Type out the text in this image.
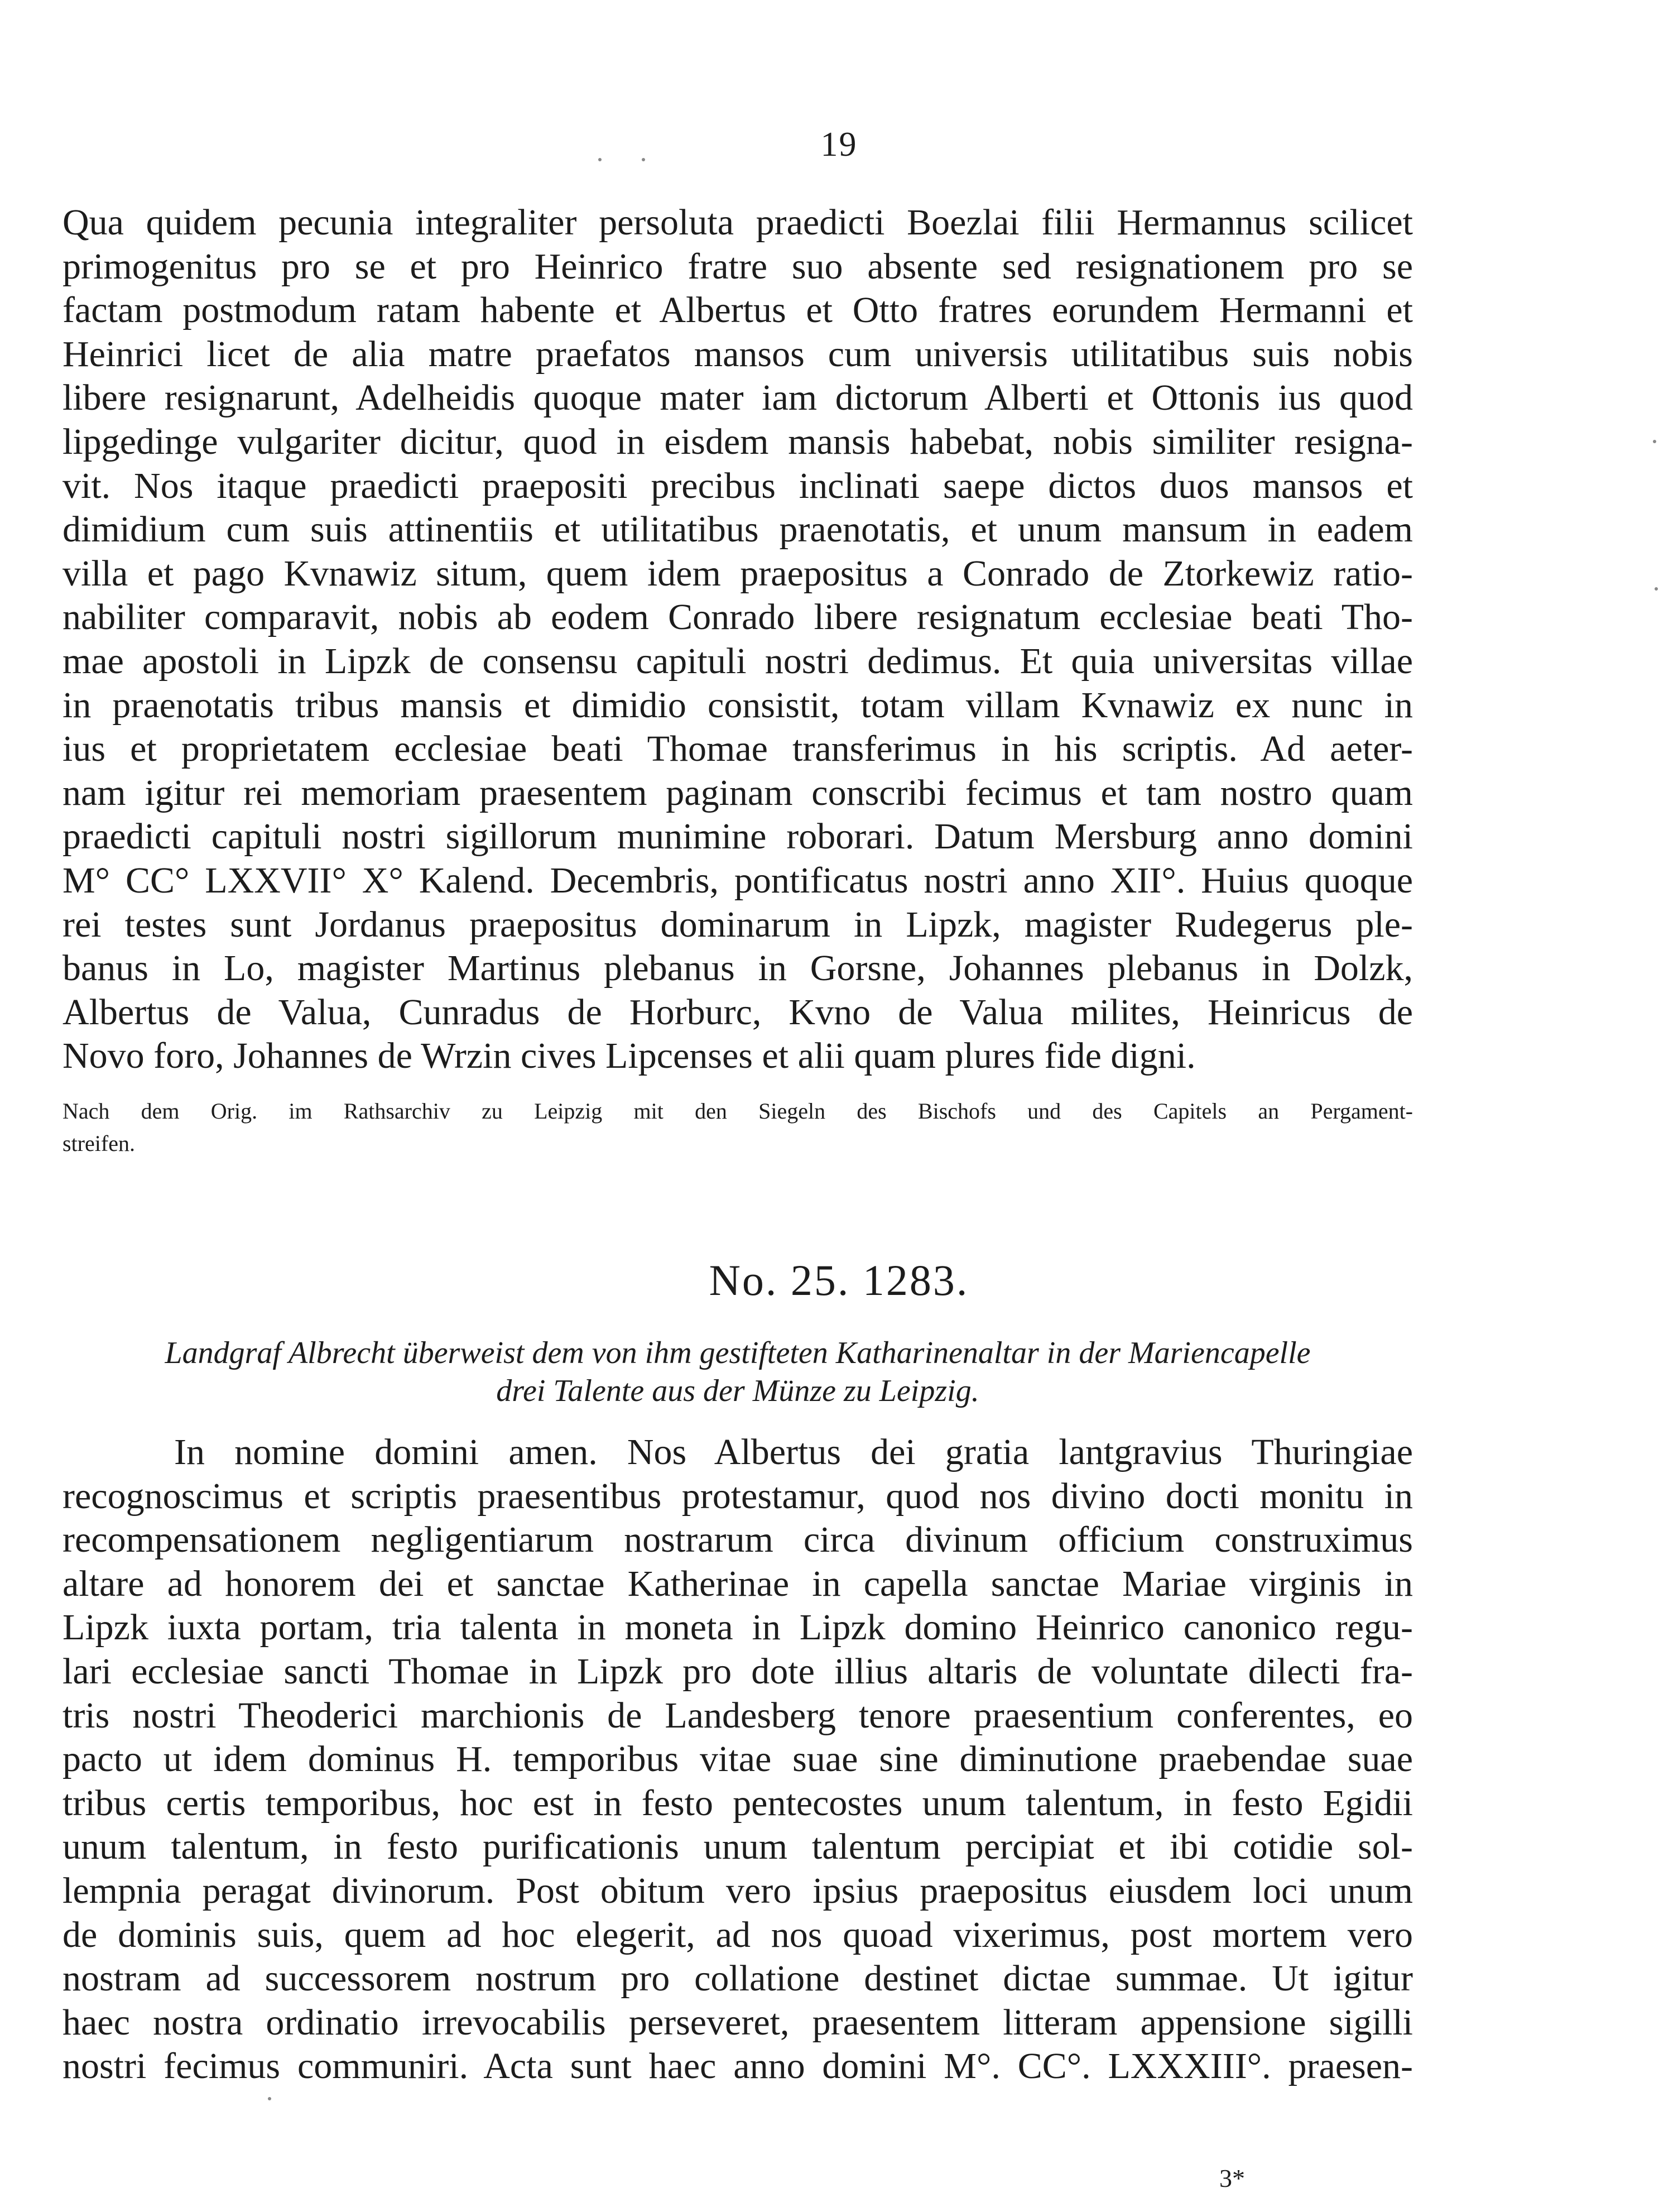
19
Qua quidem pecunia integraliter persoluta praedicti Boezlai filii Hermannus scilicet
primogenitus pro se et pro Heinrico fratre suo absente sed resignationem pro se
factam postmodum ratam habente et Albertus et Otto fratres eorundem Hermanni et
Heinrici licet de alia matre praefatos mansos cum universis utilitatibus suis nobis
libere resignarunt, Adelheidis quoque mater iam dictorum Alberti et Ottonis ius quod
lipgedinge vulgariter dicitur, quod in eisdem mansis habebat, nobis similiter resigna-
vit. Nos itaque praedicti praepositi precibus inclinati saepe dictos duos mansos et
dimidium cum suis attinentiis et utilitatibus praenotatis, et unum mansum in eadem
villa et pago Kvnawiz situm, quem idem praepositus a Conrado de Ztorkewiz ratio-
nabiliter comparavit, nobis ab eodem Conrado libere resignatum ecclesiae beati Tho-
mae apostoli in Lipzk de consensu capituli nostri dedimus. Et quia universitas villae
in praenotatis tribus mansis et dimidio consistit, totam villam Kvnawiz ex nunc in
ius et proprietatem ecclesiae beati Thomae transferimus in his scriptis. Ad aeter-
nam igitur rei memoriam praesentem paginam conscribi fecimus et tam nostro quam
praedicti capituli nostri sigillorum munimine roborari. Datum Mersburg anno domini
M° CC° LXXVII° X° Kalend. Decembris, pontificatus nostri anno XII°. Huius quoque
rei testes sunt Jordanus praepositus dominarum in Lipzk, magister Rudegerus ple-
banus in Lo, magister Martinus plebanus in Gorsne, Johannes plebanus in Dolzk,
Albertus de Valua, Cunradus de Horburc, Kvno de Valua milites, Heinricus de
Novo foro, Johannes de Wrzin cives Lipcenses et alii quam plures fide digni.
Nach dem Orig. im Rathsarchiv zu Leipzig mit den Siegeln des Bischofs und des Capitels an Pergament-
streifen.
No. 25. 1283.
Landgraf Albrecht überweist dem von ihm gestifteten Katharinenaltar in der Mariencapelle
drei Talente aus der Münze zu Leipzig.
In nomine domini amen. Nos Albertus dei gratia lantgravius Thuringiae
recognoscimus et scriptis praesentibus protestamur, quod nos divino docti monitu in
recompensationem negligentiarum nostrarum circa divinum officium construximus
altare ad honorem dei et sanctae Katherinae in capella sanctae Mariae virginis in
Lipzk iuxta portam, tria talenta in moneta in Lipzk domino Heinrico canonico regu-
lari ecclesiae sancti Thomae in Lipzk pro dote illius altaris de voluntate dilecti fra-
tris nostri Theoderici marchionis de Landesberg tenore praesentium conferentes, eo
pacto ut idem dominus H. temporibus vitae suae sine diminutione praebendae suae
tribus certis temporibus, hoc est in festo pentecostes unum talentum, in festo Egidii
unum talentum, in festo purificationis unum talentum percipiat et ibi cotidie sol-
lempnia peragat divinorum. Post obitum vero ipsius praepositus eiusdem loci unum
de dominis suis, quem ad hoc elegerit, ad nos quoad vixerimus, post mortem vero
nostram ad successorem nostrum pro collatione destinet dictae summae. Ut igitur
haec nostra ordinatio irrevocabilis perseveret, praesentem litteram appensione sigilli
nostri fecimus communiri. Acta sunt haec anno domini M°. CC°. LXXXIII°. praesen-
3*
